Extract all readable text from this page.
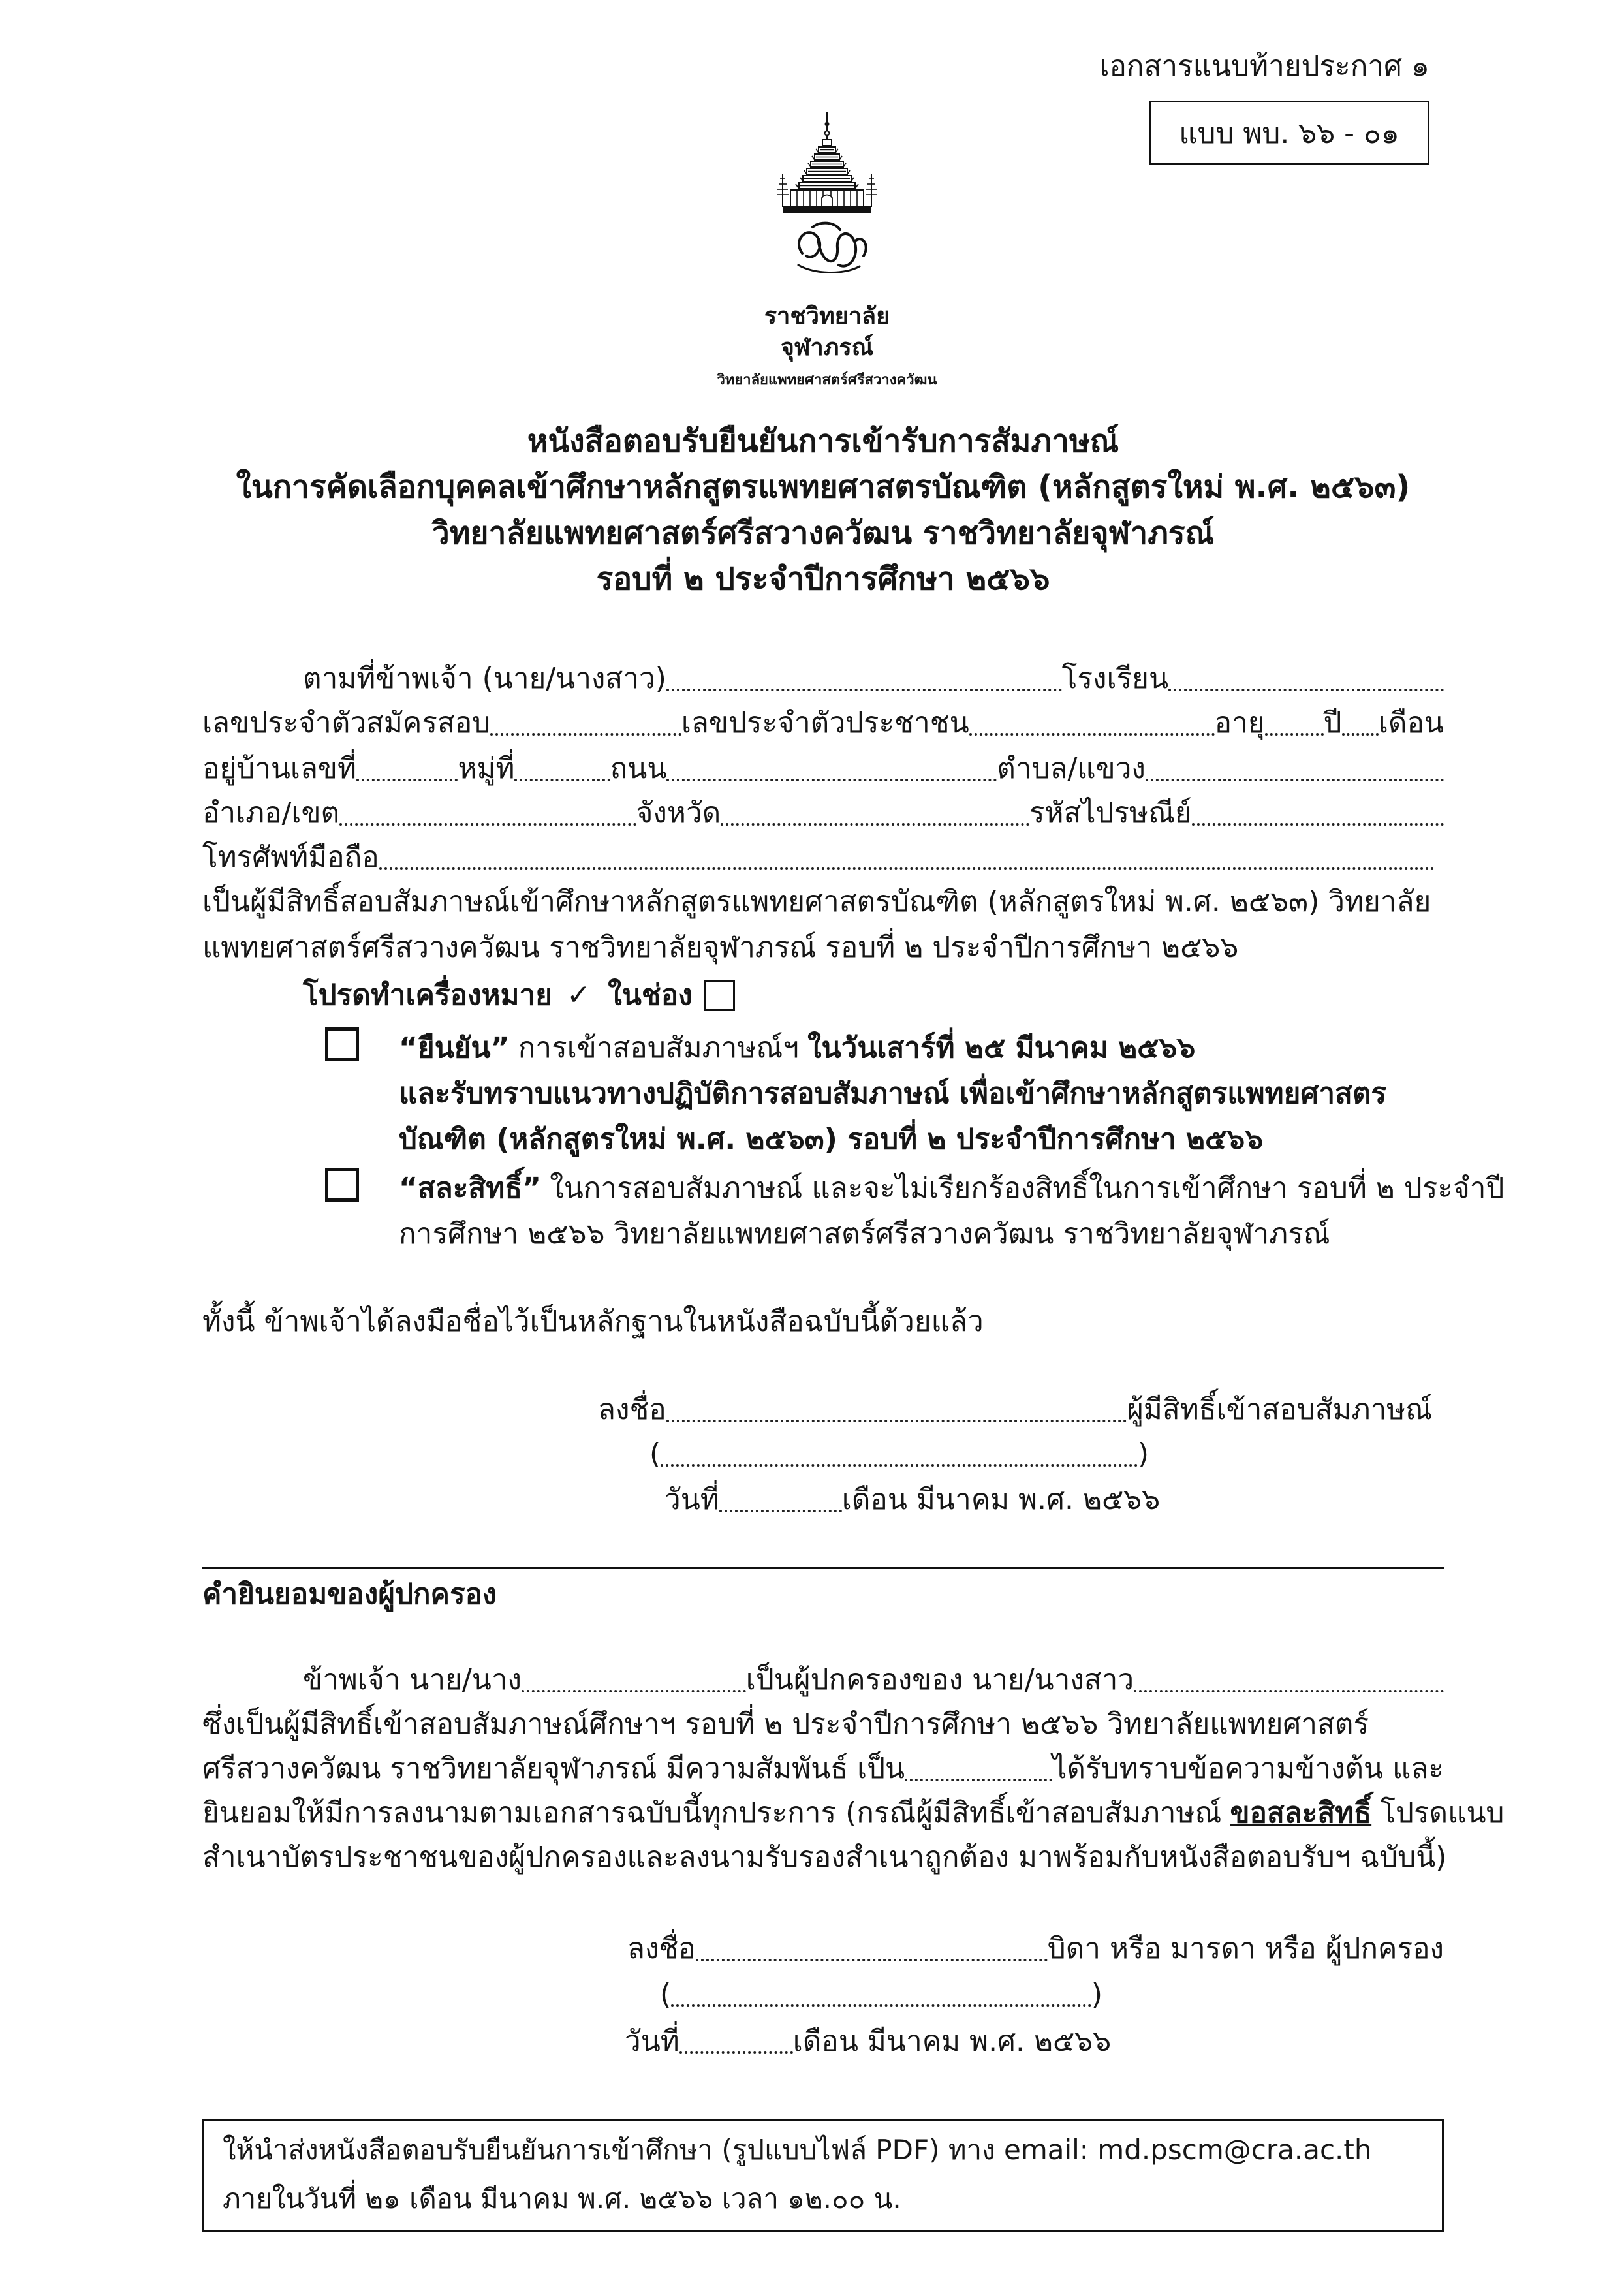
เอกสารแนบท้ายประกาศ ๑
แบบ พบ. ๖๖ - ๐๑
ราชวิทยาลัย
จุฬาภรณ์
วิทยาลัยแพทยศาสตร์ศรีสวางควัฒน
หนังสือตอบรับยืนยันการเข้ารับการสัมภาษณ์
ในการคัดเลือกบุคคลเข้าศึกษาหลักสูตรแพทยศาสตรบัณฑิต (หลักสูตรใหม่ พ.ศ. ๒๕๖๓)
วิทยาลัยแพทยศาสตร์ศรีสวางควัฒน ราชวิทยาลัยจุฬาภรณ์
รอบที่ ๒ ประจำปีการศึกษา ๒๕๖๖
ตามที่ข้าพเจ้า (นาย/นางสาว)	โรงเรียน
เลขประจำตัวสมัครสอบ	เลขประจำตัวประชาชน	อายุ ปี เดือน
อยู่บ้านเลขที่	หมู่ที่	ถนน	ตำบล/แขวง
อำเภอ/เขต	จังหวัด	รหัสไปรษณีย์
โทรศัพท์มือถือ
เป็นผู้มีสิทธิ์สอบสัมภาษณ์เข้าศึกษาหลักสูตรแพทยศาสตรบัณฑิต (หลักสูตรใหม่ พ.ศ. ๒๕๖๓) วิทยาลัย
แพทยศาสตร์ศรีสวางควัฒน ราชวิทยาลัยจุฬาภรณ์ รอบที่ ๒ ประจำปีการศึกษา ๒๕๖๖
โปรดทำเครื่องหมาย ✓ ในช่อง
“ยืนยัน” การเข้าสอบสัมภาษณ์ฯ ในวันเสาร์ที่ ๒๕ มีนาคม ๒๕๖๖
และรับทราบแนวทางปฏิบัติการสอบสัมภาษณ์ เพื่อเข้าศึกษาหลักสูตรแพทยศาสตร
บัณฑิต (หลักสูตรใหม่ พ.ศ. ๒๕๖๓) รอบที่ ๒ ประจำปีการศึกษา ๒๕๖๖
“สละสิทธิ์” ในการสอบสัมภาษณ์ และจะไม่เรียกร้องสิทธิ์ในการเข้าศึกษา รอบที่ ๒ ประจำปี
การศึกษา ๒๕๖๖ วิทยาลัยแพทยศาสตร์ศรีสวางควัฒน ราชวิทยาลัยจุฬาภรณ์
ทั้งนี้ ข้าพเจ้าได้ลงมือชื่อไว้เป็นหลักฐานในหนังสือฉบับนี้ด้วยแล้ว
ลงชื่อ	ผู้มีสิทธิ์เข้าสอบสัมภาษณ์
(	)
วันที่	เดือน มีนาคม พ.ศ. ๒๕๖๖
คำยินยอมของผู้ปกครอง
ข้าพเจ้า นาย/นาง	เป็นผู้ปกครองของ นาย/นางสาว
ซึ่งเป็นผู้มีสิทธิ์เข้าสอบสัมภาษณ์ศึกษาฯ รอบที่ ๒ ประจำปีการศึกษา ๒๕๖๖ วิทยาลัยแพทยศาสตร์
ศรีสวางควัฒน ราชวิทยาลัยจุฬาภรณ์ มีความสัมพันธ์ เป็น	ได้รับทราบข้อความข้างต้น และ
ยินยอมให้มีการลงนามตามเอกสารฉบับนี้ทุกประการ (กรณีผู้มีสิทธิ์เข้าสอบสัมภาษณ์ ขอสละสิทธิ์ โปรดแนบ
สำเนาบัตรประชาชนของผู้ปกครองและลงนามรับรองสำเนาถูกต้อง มาพร้อมกับหนังสือตอบรับฯ ฉบับนี้)
ลงชื่อ	บิดา หรือ มารดา หรือ ผู้ปกครอง
(	)
วันที่	เดือน มีนาคม พ.ศ. ๒๕๖๖
ให้นำส่งหนังสือตอบรับยืนยันการเข้าศึกษา (รูปแบบไฟล์ PDF) ทาง email: md.pscm@cra.ac.th
ภายในวันที่ ๒๑ เดือน มีนาคม พ.ศ. ๒๕๖๖ เวลา ๑๒.๐๐ น.
